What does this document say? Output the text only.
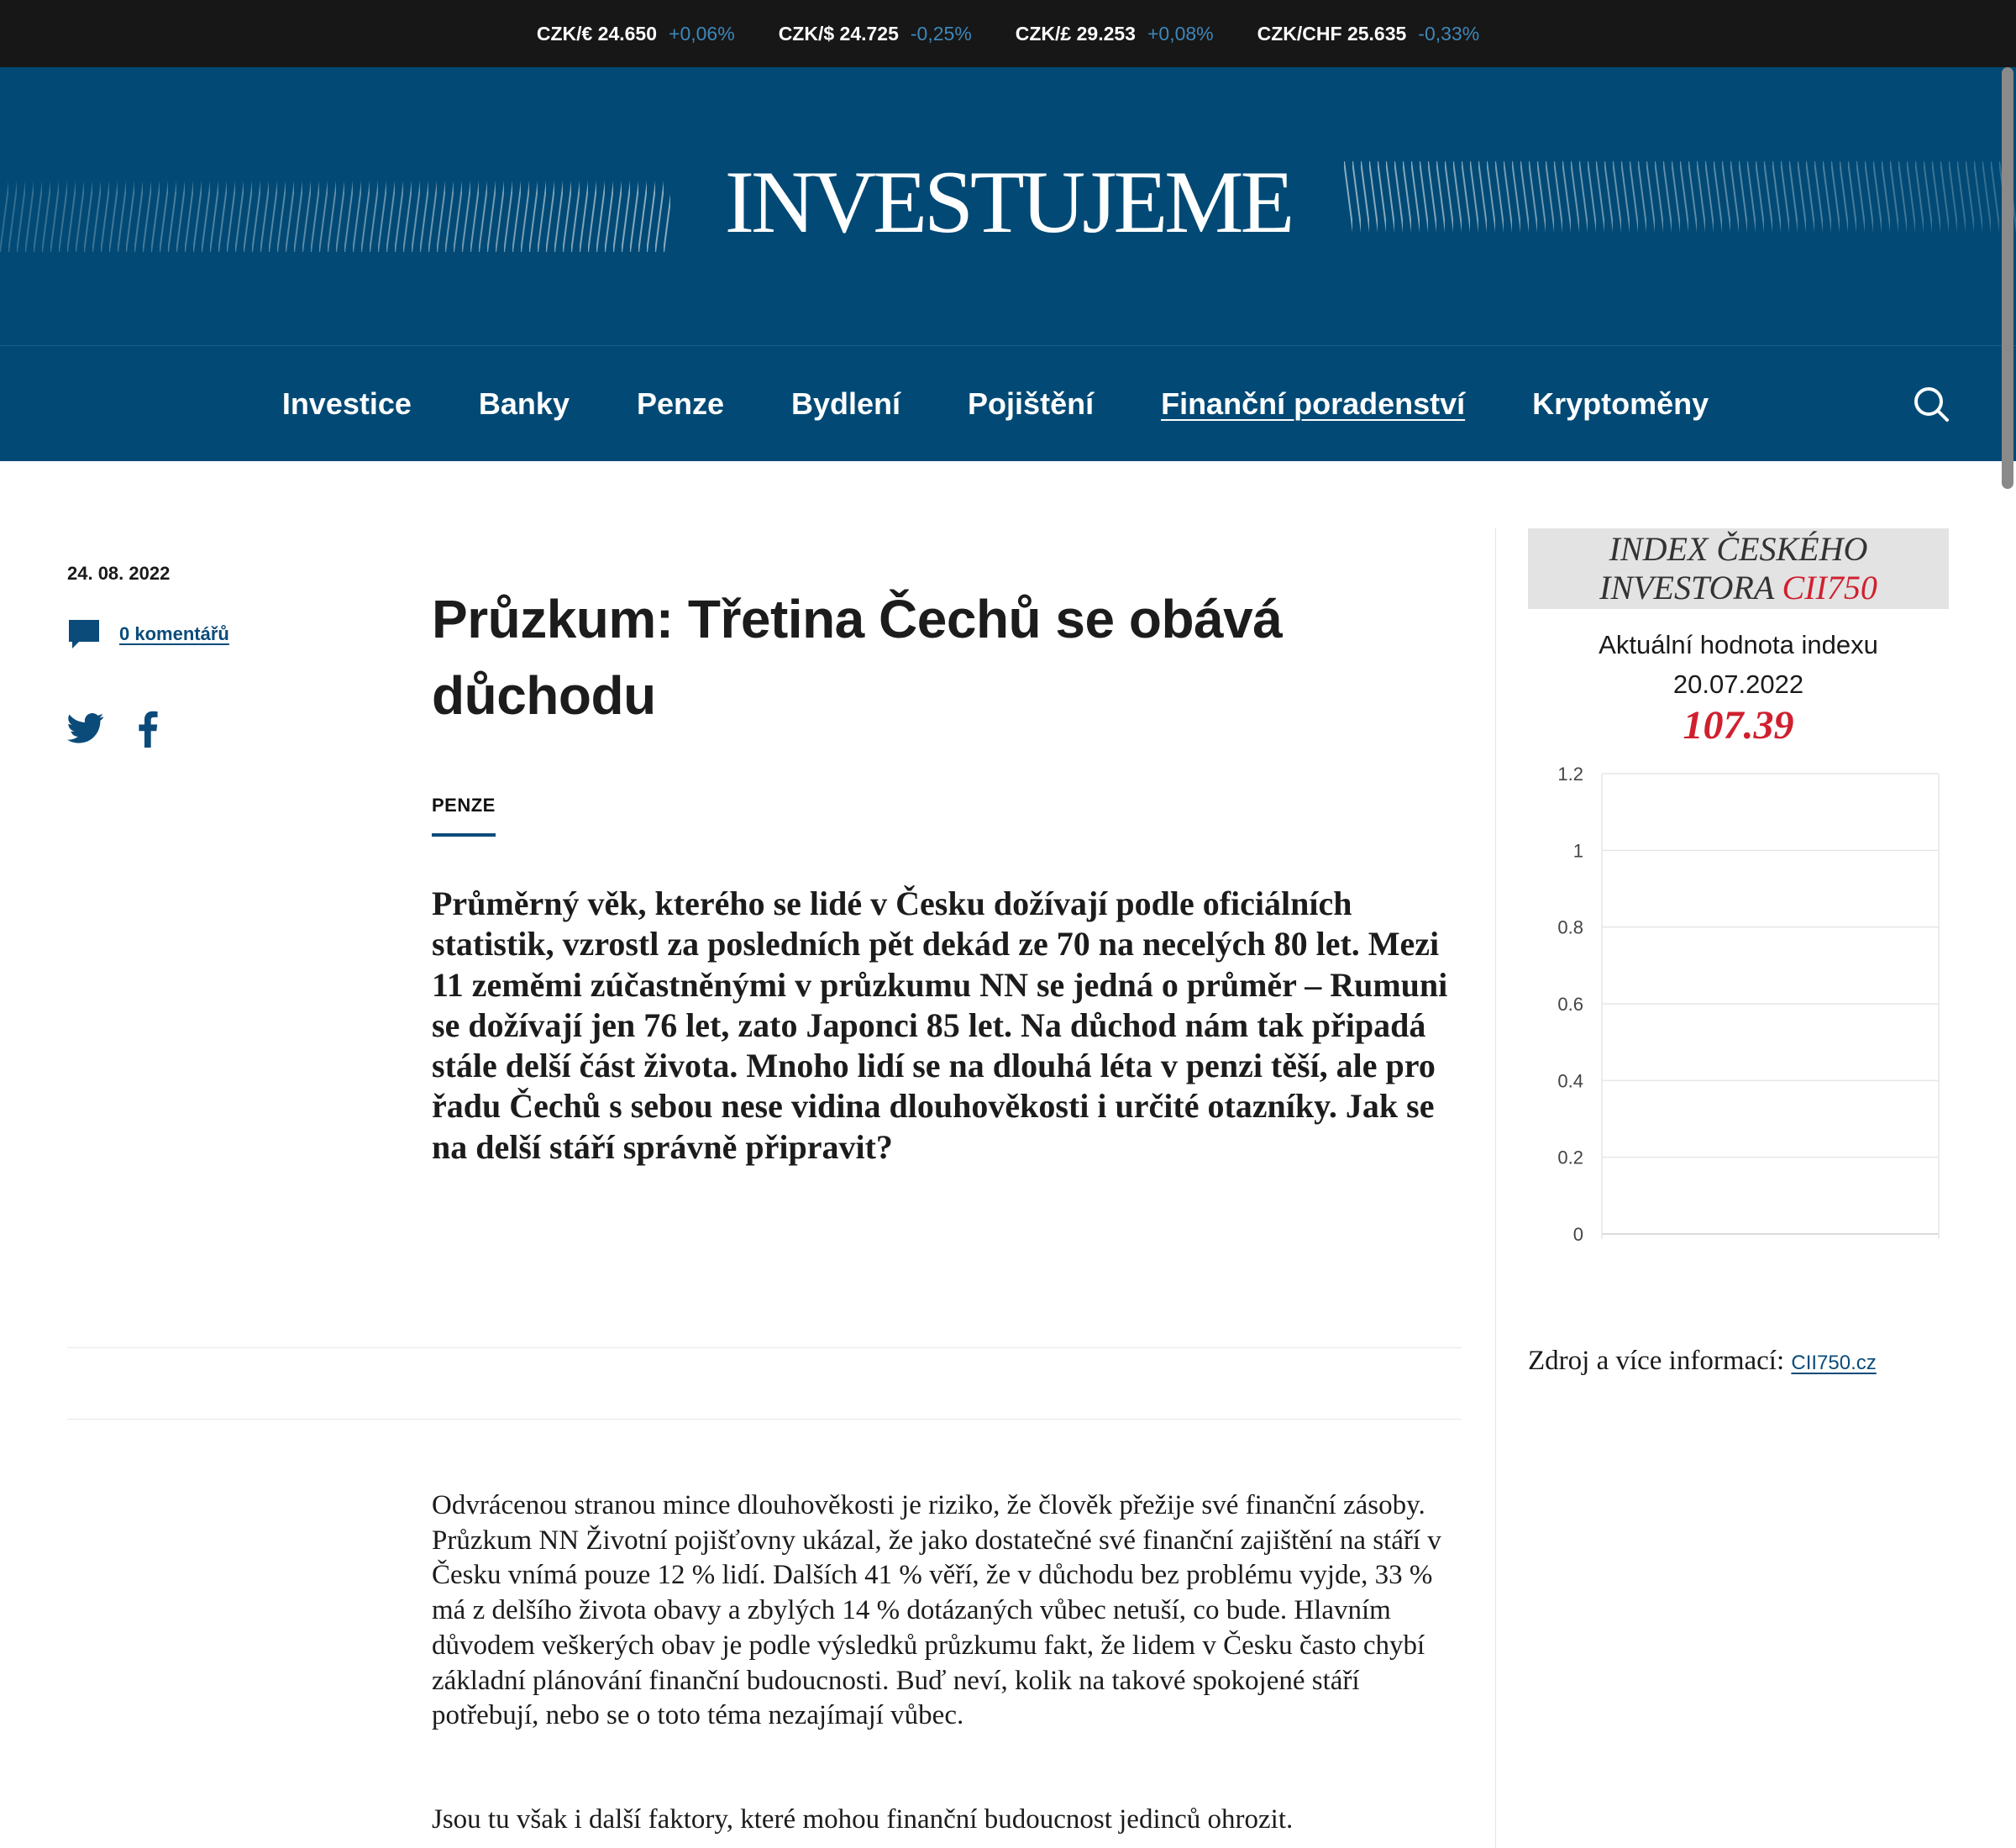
CZK/€ 24.650 +0,06% CZK/$ 24.725 -0,25% CZK/£ 29.253 +0,08% CZK/CHF 25.635 -0,33%
INVESTUJEME
Investice Banky Penze Bydlení Pojištění Finanční poradenství Kryptoměny
24. 08. 2022
0 komentářů	Průzkum: Třetina Čechů se obává důchodu
PENZE

Průměrný věk, kterého se lidé v Česku dožívají podle oficiálních statistik, vzrostl za posledních pět dekád ze 70 na necelých 80 let. Mezi 11 zeměmi zúčastněnými v průzkumu NN se jedná o průměr – Rumuni se dožívají jen 76 let, zato Japonci 85 let. Na důchod nám tak připadá stále delší část života. Mnoho lidí se na dlouhá léta v penzi těší, ale pro řadu Čechů s sebou nese vidina dlouhověkosti i určité otazníky. Jak se na delší stáří správně připravit?

Odvrácenou stranou mince dlouhověkosti je riziko, že člověk přežije své finanční zásoby. Průzkum NN Životní pojišťovny ukázal, že jako dostatečné své finanční zajištění na stáří v Česku vnímá pouze 12 % lidí. Dalších 41 % věří, že v důchodu bez problému vyjde, 33 % má z delšího života obavy a zbylých 14 % dotázaných vůbec netuší, co bude. Hlavním důvodem veškerých obav je podle výsledků průzkumu fakt, že lidem v Česku často chybí základní plánování finanční budoucnosti. Buď neví, kolik na takové spokojené stáří potřebují, nebo se o toto téma nezajímají vůbec.

Jsou tu však i další faktory, které mohou finanční budoucnost jedinců ohrozit.

INDEX ČESKÉHO
INVESTORA CII750
Aktuální hodnota indexu
20.07.2022
107.39
1.2
1
0.8
0.6
0.4
0.2
0
Zdroj a více informací: CII750.cz
